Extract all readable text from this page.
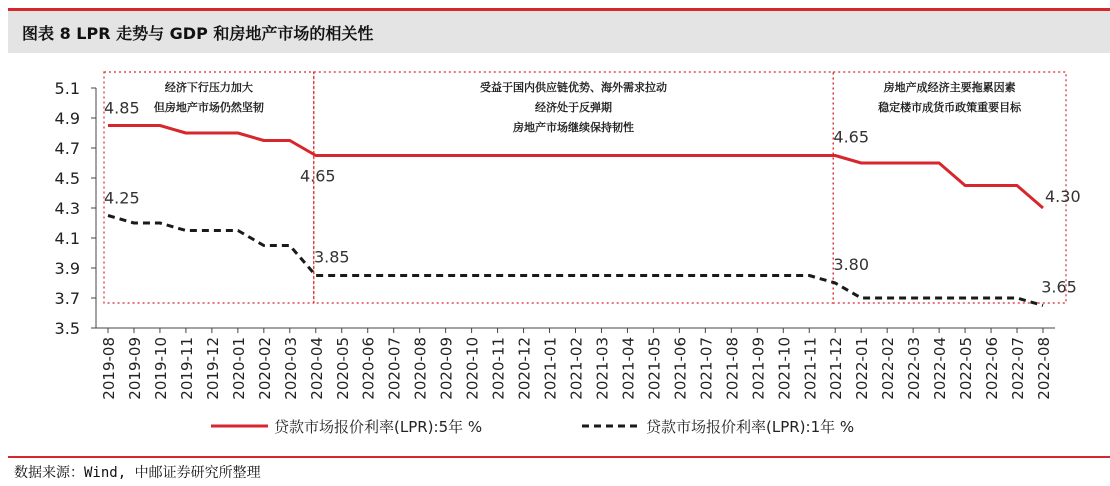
图表 8 LPR 走势与 GDP 和房地产市场的相关性
3.5
3.7
3.9
4.1
4.3
4.5
4.7
4.9
5.1
2019-08 2019-09 2019-10 2019-11 2019-12 2020-01 2020-02 2020-03 2020-04 2020-05 2020-06 2020-07 2020-08 2020-09 2020-10 2020-11 2020-12 2021-01 2021-02 2021-03 2021-04 2021-05 2021-06 2021-07 2021-08 2021-09 2021-10 2021-11 2021-12 2022-01 2022-02 2022-03 2022-04 2022-05 2022-06 2022-07 2022-08
经济下行压力加大
但房地产市场仍然坚韧
受益于国内供应链优势、海外需求拉动
经济处于反弹期
房地产市场继续保持韧性
房地产成经济主要拖累因素
稳定楼市成货币政策重要目标
4.85
4.25
4.65
3.85
4.65
3.80
4.30
3.65
贷款市场报价利率(LPR):5年 %	贷款市场报价利率(LPR):1年 %
数据来源：Wind, 中邮证券研究所整理
